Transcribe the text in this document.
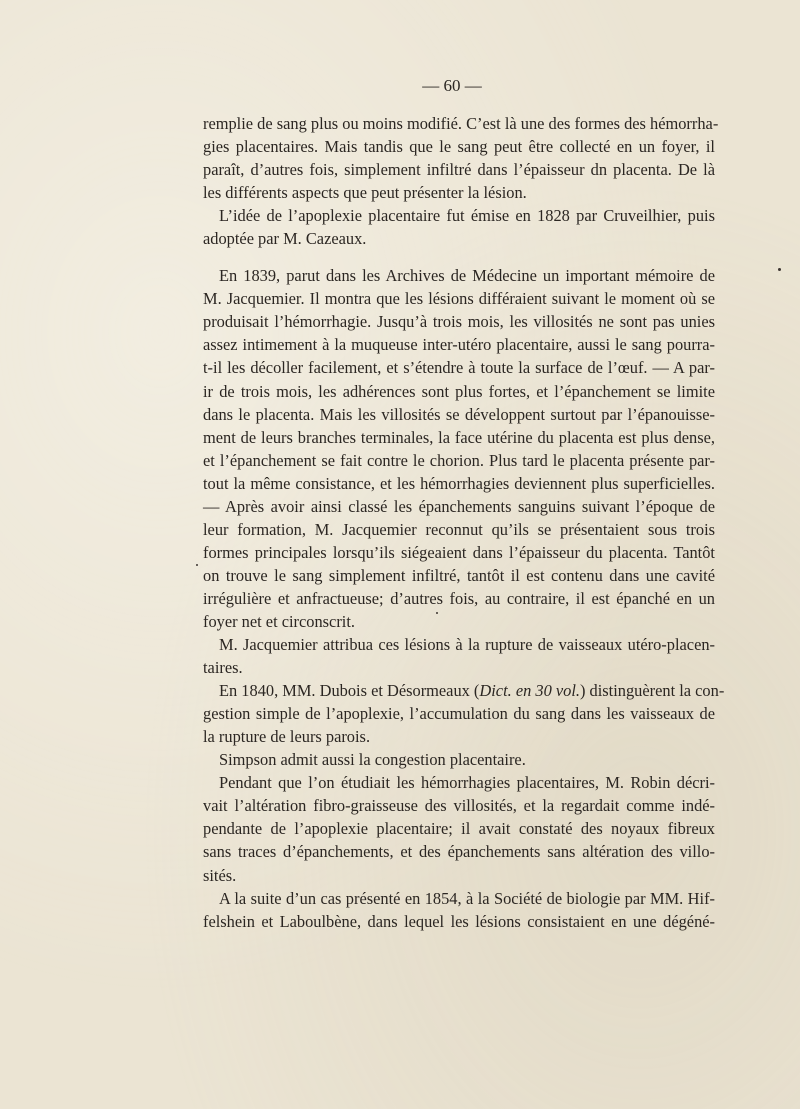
— 60 —
remplie de sang plus ou moins modifié. C’est là une des formes des hémorrha-
gies placentaires. Mais tandis que le sang peut être collecté en un foyer, il
paraît, d’autres fois, simplement infiltré dans l’épaisseur dn placenta. De là
les différents aspects que peut présenter la lésion.
L’idée de l’apoplexie placentaire fut émise en 1828 par Cruveilhier, puis
adoptée par M. Cazeaux.
En 1839, parut dans les Archives de Médecine un important mémoire de
M. Jacquemier. Il montra que les lésions différaient suivant le moment où se
produisait l’hémorrhagie. Jusqu’à trois mois, les villosités ne sont pas unies
assez intimement à la muqueuse inter-utéro placentaire, aussi le sang pourra-
t-il les décoller facilement, et s’étendre à toute la surface de l’œuf. — A par-
ir de trois mois, les adhérences sont plus fortes, et l’épanchement se limite
dans le placenta. Mais les villosités se développent surtout par l’épanouisse-
ment de leurs branches terminales, la face utérine du placenta est plus dense,
et l’épanchement se fait contre le chorion. Plus tard le placenta présente par-
tout la même consistance, et les hémorrhagies deviennent plus superficielles.
— Après avoir ainsi classé les épanchements sanguins suivant l’époque de
leur formation, M. Jacquemier reconnut qu’ils se présentaient sous trois
formes principales lorsqu’ils siégeaient dans l’épaisseur du placenta. Tantôt
on trouve le sang simplement infiltré, tantôt il est contenu dans une cavité
irrégulière et anfractueuse; d’autres fois, au contraire, il est épanché en un
foyer net et circonscrit.
M. Jacquemier attribua ces lésions à la rupture de vaisseaux utéro-placen-
taires.
En 1840, MM. Dubois et Désormeaux (Dict. en 30 vol.) distinguèrent la con-
gestion simple de l’apoplexie, l’accumulation du sang dans les vaisseaux de
la rupture de leurs parois.
Simpson admit aussi la congestion placentaire.
Pendant que l’on étudiait les hémorrhagies placentaires, M. Robin décri-
vait l’altération fibro-graisseuse des villosités, et la regardait comme indé-
pendante de l’apoplexie placentaire; il avait constaté des noyaux fibreux
sans traces d’épanchements, et des épanchements sans altération des villo-
sités.
A la suite d’un cas présenté en 1854, à la Société de biologie par MM. Hif-
felshein et Laboulbène, dans lequel les lésions consistaient en une dégéné-
